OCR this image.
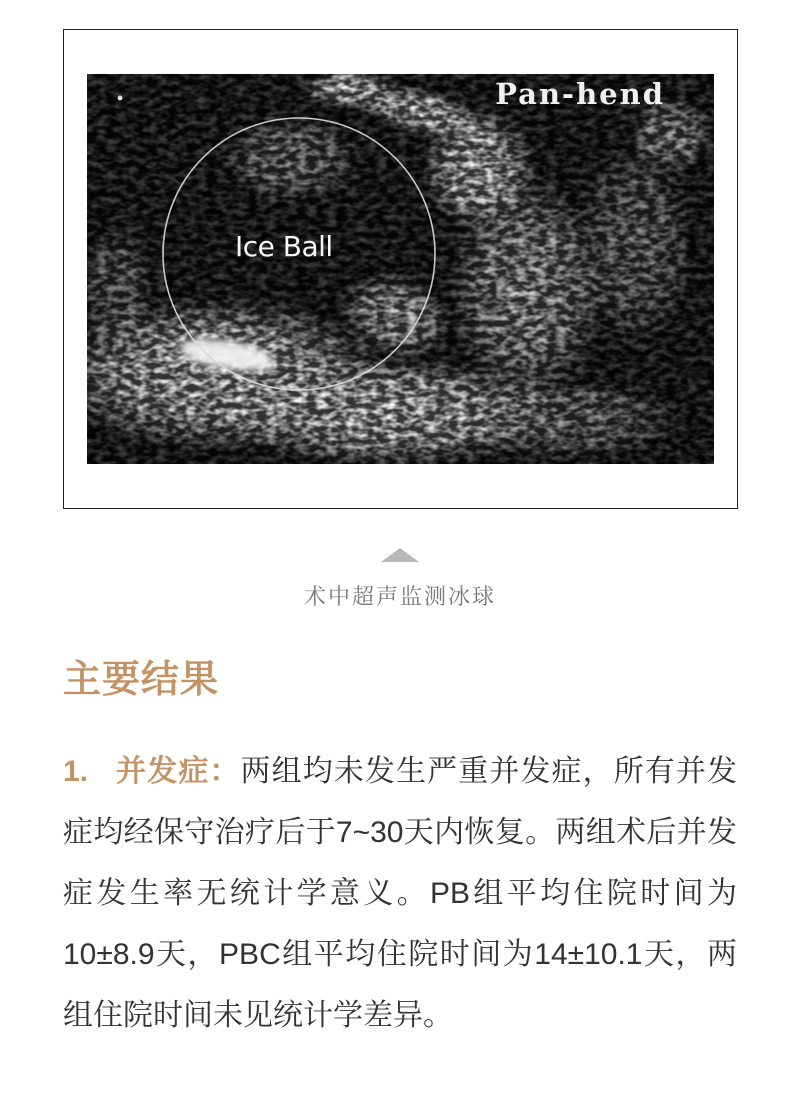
Ice Ball
Pan-hend
术中超声监测冰球
主要结果

1. 并发症：两组均未发生严重并发症，所有并发症均经保守治疗后于7~30天内恢复。两组术后并发症发生率无统计学意义。PB组平均住院时间为10±8.9天，PBC组平均住院时间为14±10.1天，两组住院时间未见统计学差异。
